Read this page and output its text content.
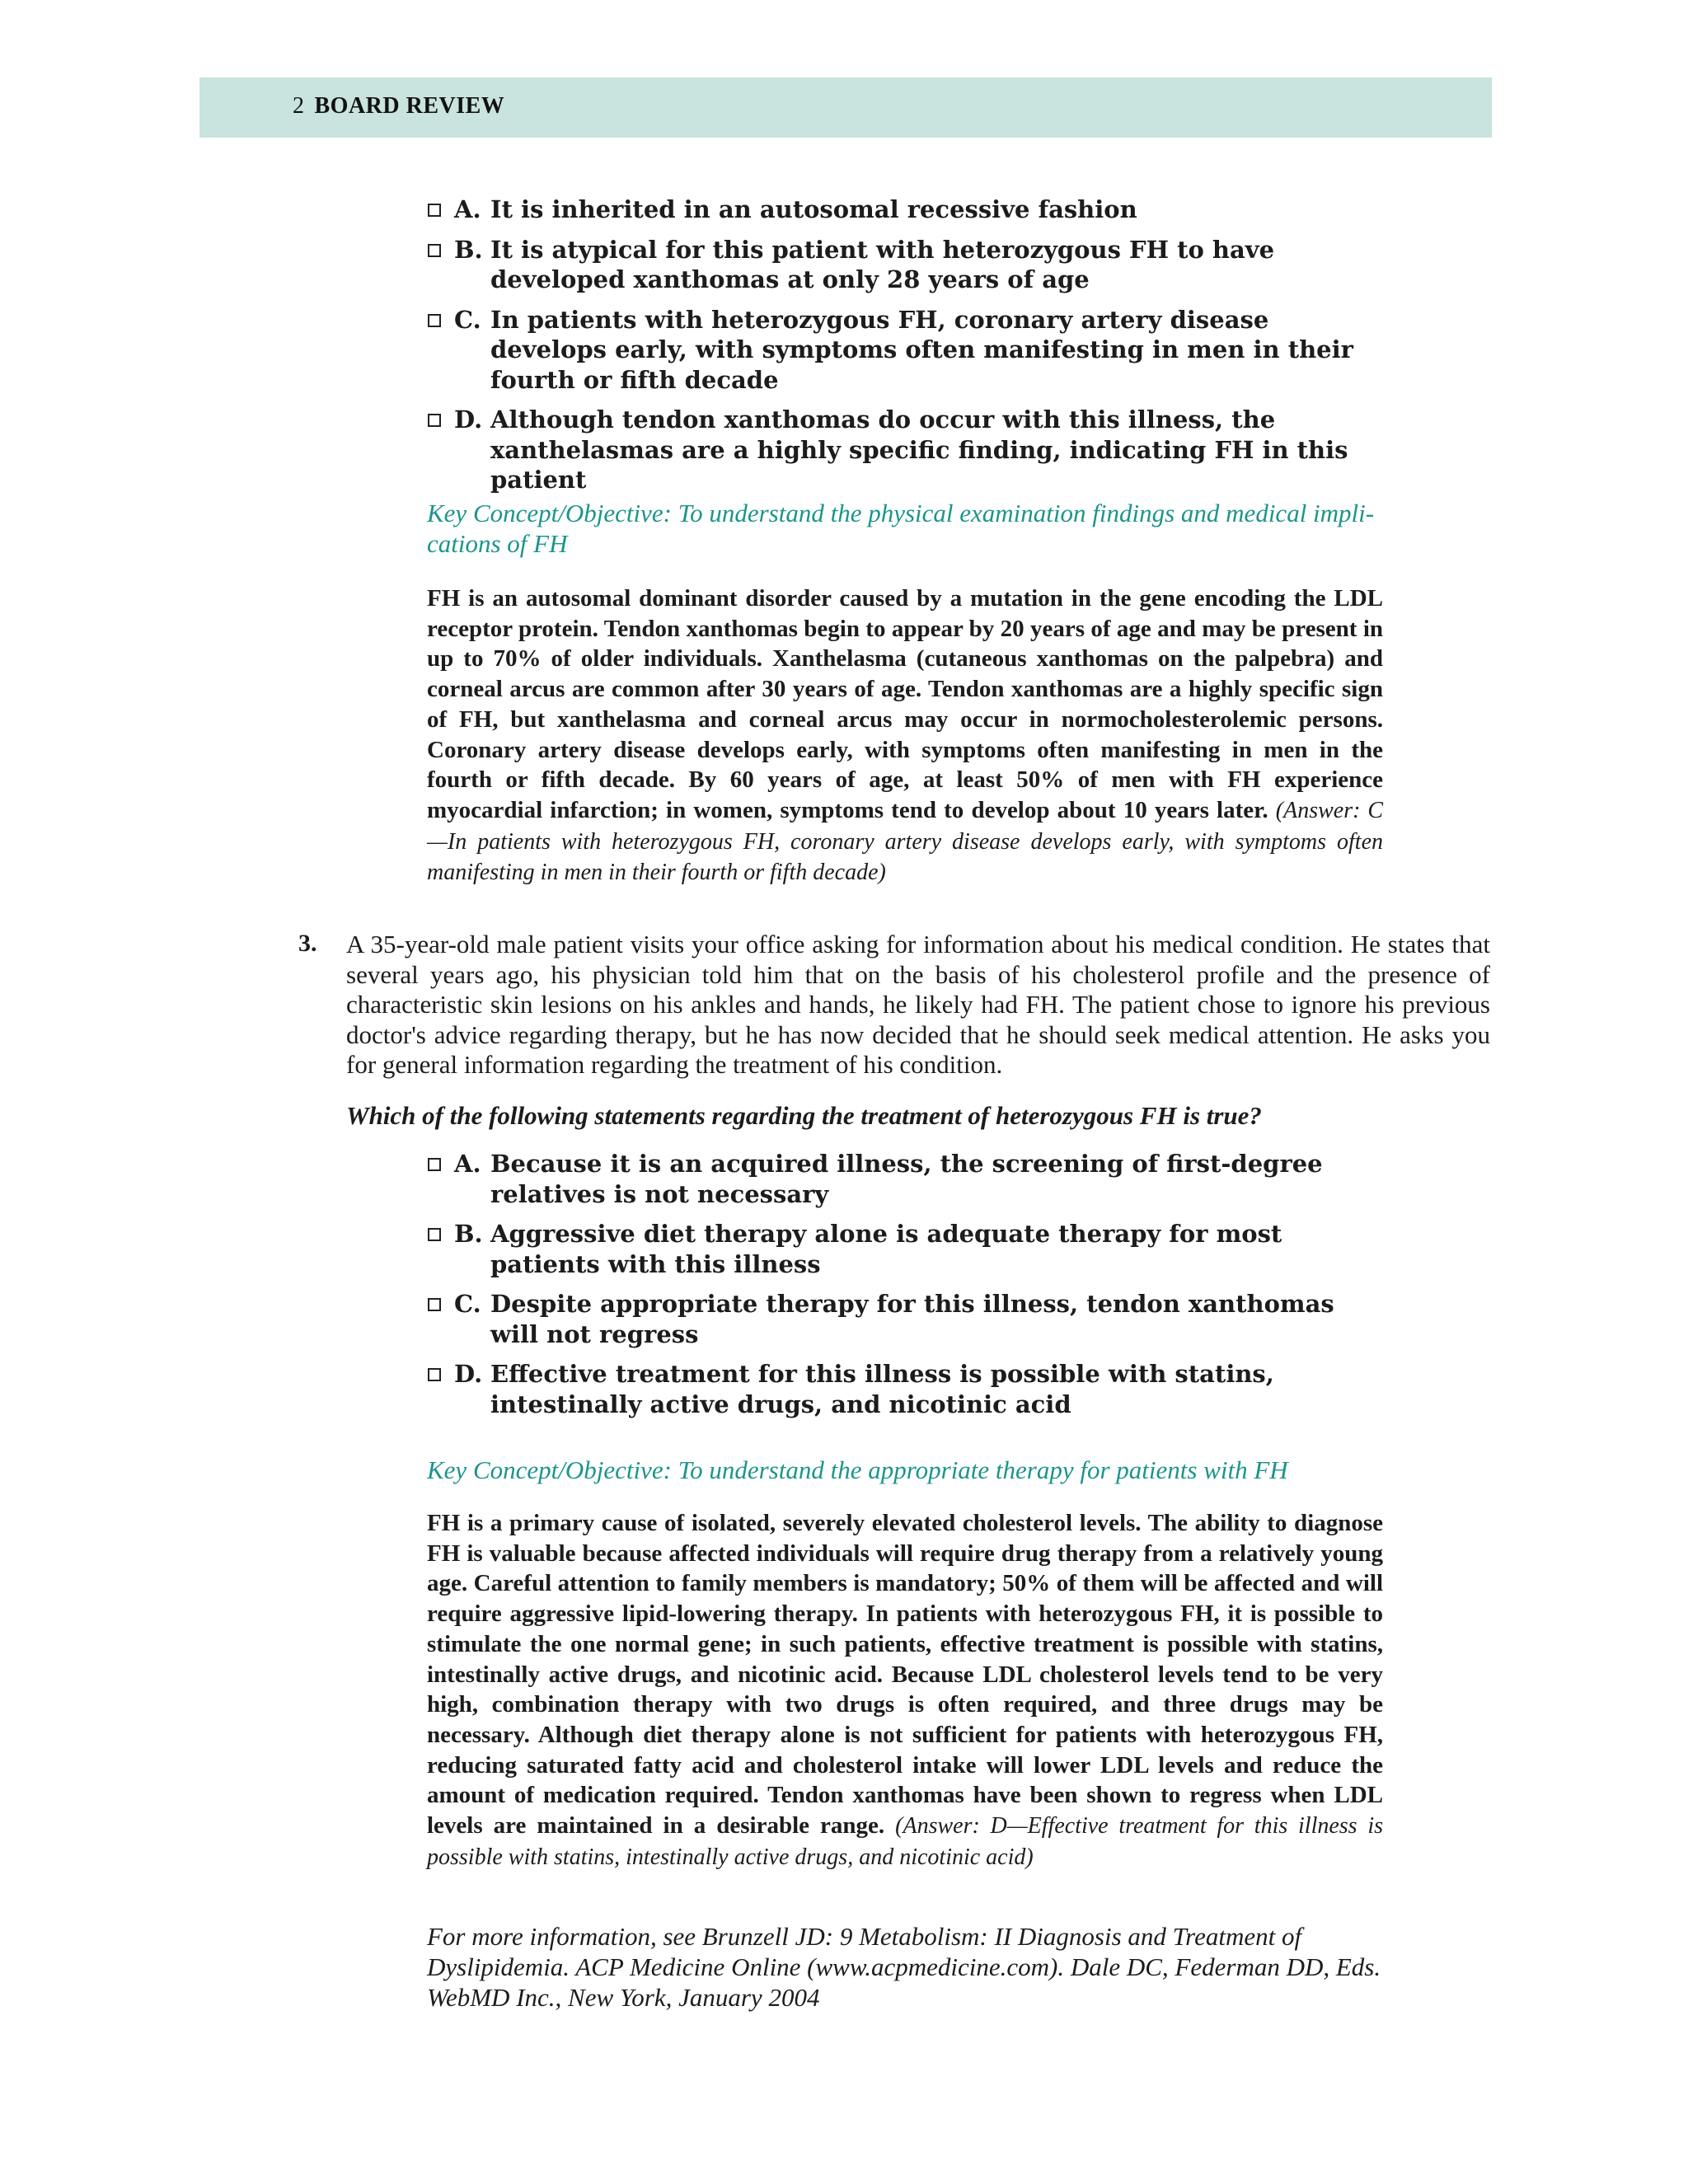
2 BOARD REVIEW
A. It is inherited in an autosomal recessive fashion
B. It is atypical for this patient with heterozygous FH to have developed xanthomas at only 28 years of age
C. In patients with heterozygous FH, coronary artery disease develops early, with symptoms often manifesting in men in their fourth or fifth decade
D. Although tendon xanthomas do occur with this illness, the xanthelasmas are a highly specific finding, indicating FH in this patient

Key Concept/Objective: To understand the physical examination findings and medical implications of FH

FH is an autosomal dominant disorder caused by a mutation in the gene encoding the LDL receptor protein. Tendon xanthomas begin to appear by 20 years of age and may be present in up to 70% of older individuals. Xanthelasma (cutaneous xanthomas on the palpebra) and corneal arcus are common after 30 years of age. Tendon xanthomas are a highly specific sign of FH, but xanthelasma and corneal arcus may occur in normocholesterolemic persons. Coronary artery disease develops early, with symptoms often manifesting in men in the fourth or fifth decade. By 60 years of age, at least 50% of men with FH experience myocardial infarction; in women, symptoms tend to develop about 10 years later. (Answer: C—In patients with heterozygous FH, coronary artery disease develops early, with symptoms often manifesting in men in their fourth or fifth decade)

3. A 35-year-old male patient visits your office asking for information about his medical condition. He states that several years ago, his physician told him that on the basis of his cholesterol profile and the presence of characteristic skin lesions on his ankles and hands, he likely had FH. The patient chose to ignore his previous doctor's advice regarding therapy, but he has now decided that he should seek medical attention. He asks you for general information regarding the treatment of his condition.

Which of the following statements regarding the treatment of heterozygous FH is true?

A. Because it is an acquired illness, the screening of first-degree relatives is not necessary
B. Aggressive diet therapy alone is adequate therapy for most patients with this illness
C. Despite appropriate therapy for this illness, tendon xanthomas will not regress
D. Effective treatment for this illness is possible with statins, intestinally active drugs, and nicotinic acid

Key Concept/Objective: To understand the appropriate therapy for patients with FH

FH is a primary cause of isolated, severely elevated cholesterol levels. The ability to diagnose FH is valuable because affected individuals will require drug therapy from a relatively young age. Careful attention to family members is mandatory; 50% of them will be affected and will require aggressive lipid-lowering therapy. In patients with heterozygous FH, it is possible to stimulate the one normal gene; in such patients, effective treatment is possible with statins, intestinally active drugs, and nicotinic acid. Because LDL cholesterol levels tend to be very high, combination therapy with two drugs is often required, and three drugs may be necessary. Although diet therapy alone is not sufficient for patients with heterozygous FH, reducing saturated fatty acid and cholesterol intake will lower LDL levels and reduce the amount of medication required. Tendon xanthomas have been shown to regress when LDL levels are maintained in a desirable range. (Answer: D—Effective treatment for this illness is possible with statins, intestinally active drugs, and nicotinic acid)

For more information, see Brunzell JD: 9 Metabolism: II Diagnosis and Treatment of Dyslipidemia. ACP Medicine Online (www.acpmedicine.com). Dale DC, Federman DD, Eds. WebMD Inc., New York, January 2004
